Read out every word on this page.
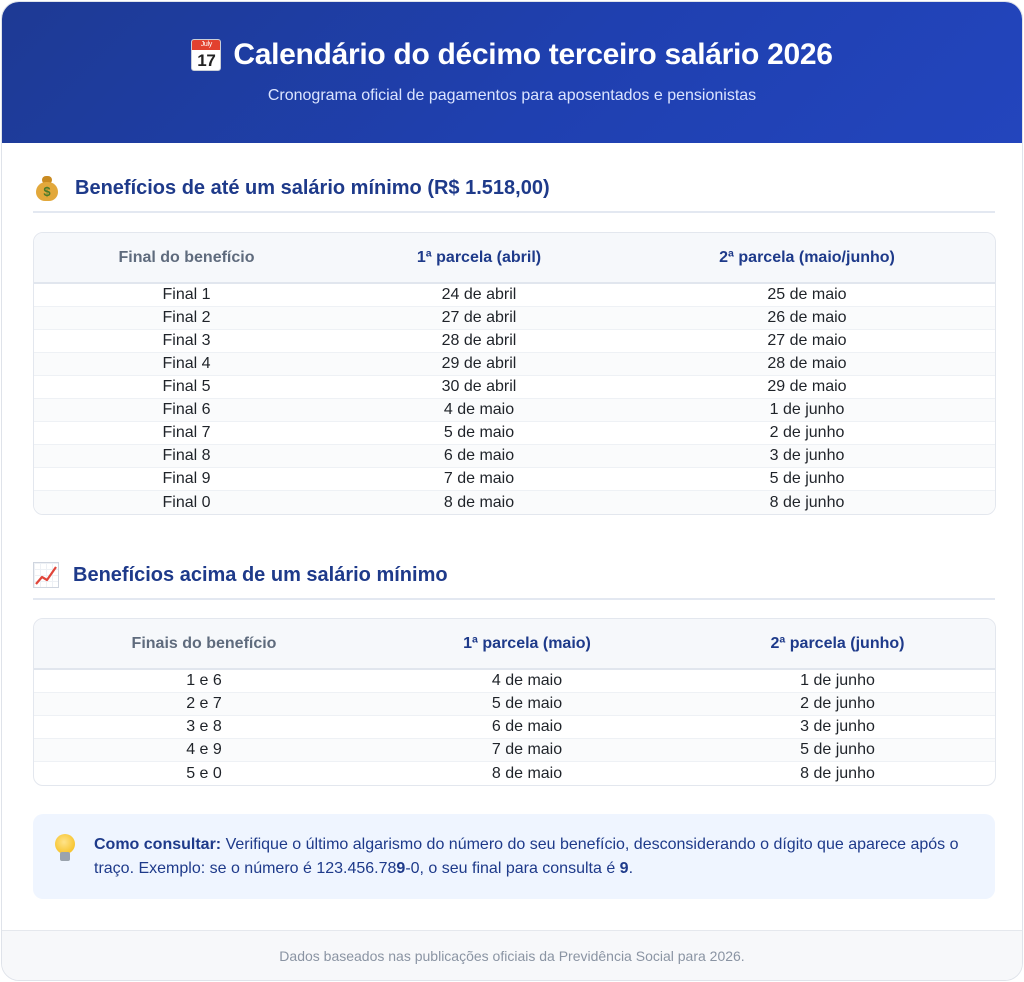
July
17 Calendário do décimo terceiro salário 2026
Cronograma oficial de pagamentos para aposentados e pensionistas
$	Benefícios de até um salário mínimo (R$ 1.518,00)
Final do benefício	1ª parcela (abril)	2ª parcela (maio/junho)
Final 1	24 de abril	25 de maio
Final 2	27 de abril	26 de maio
Final 3	28 de abril	27 de maio
Final 4	29 de abril	28 de maio
Final 5	30 de abril	29 de maio
Final 6	4 de maio	1 de junho
Final 7	5 de maio	2 de junho
Final 8	6 de maio	3 de junho
Final 9	7 de maio	5 de junho
Final 0	8 de maio	8 de junho
Benefícios acima de um salário mínimo
Finais do benefício	1ª parcela (maio)	2ª parcela (junho)
1 e 6	4 de maio	1 de junho
2 e 7	5 de maio	2 de junho
3 e 8	6 de maio	3 de junho
4 e 9	7 de maio	5 de junho
5 e 0	8 de maio	8 de junho
Como consultar: Verifique o último algarismo do número do seu benefício, desconsiderando o dígito que aparece após o traço. Exemplo: se o número é 123.456.789-0, o seu final para consulta é 9.
Dados baseados nas publicações oficiais da Previdência Social para 2026.
